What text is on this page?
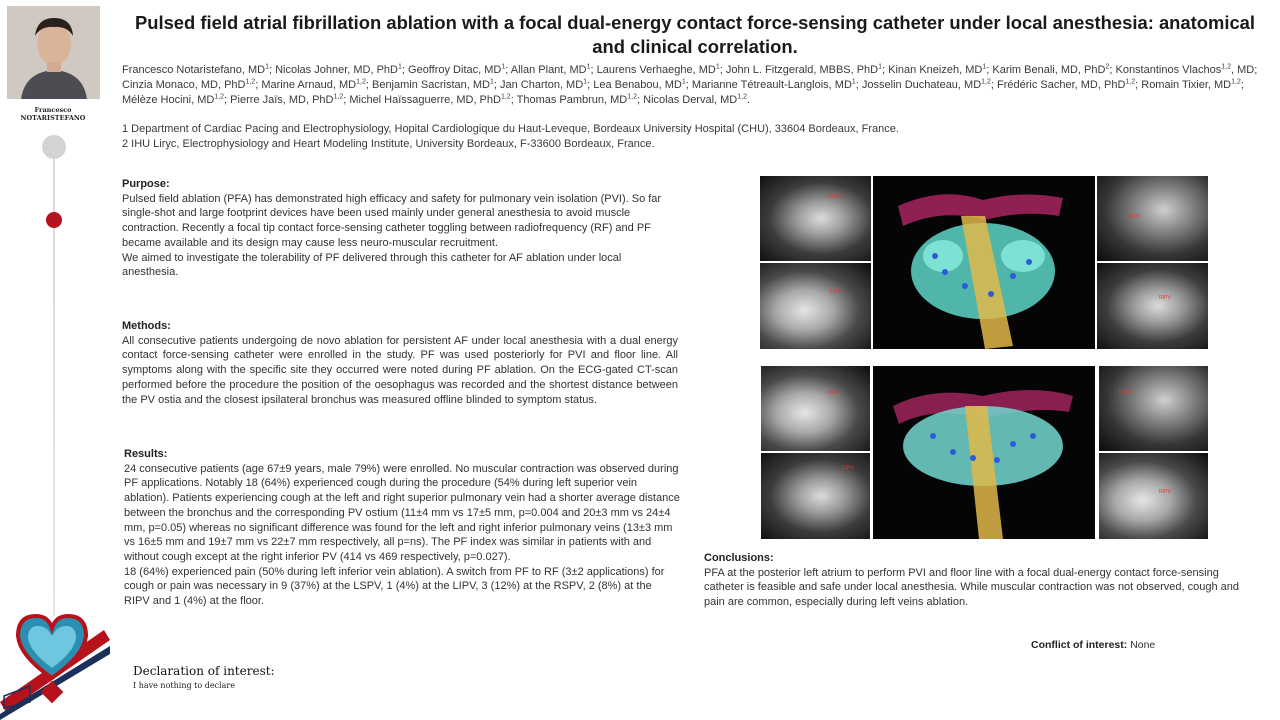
Francesco
NOTARISTEFANO
Pulsed field atrial fibrillation ablation with a focal dual-energy contact force-sensing catheter under local anesthesia: anatomical and clinical correlation.
Francesco Notaristefano, $MD^1$; Nicolas Johner, MD, PhD$^1$; Geoffroy Ditac, $MD^1$; Allan Plant, $MD^1$; Laurens Verhaeghe, $MD^1$; John L. Fitzgerald, MBBS, PhD$^1$; Kinan Kneizeh, $MD^1$; Karim Benali, MD, PhD$^2$; Konstantinos Vlachos$^{1,2}$, MD; Cinzia Monaco, MD, PhD$^{1,2}$; Marine Arnaud, MD$^{1,2}$; Benjamin Sacristan, $MD^1$; Jan Charton, $MD^1$; Lea Benabou, $MD^1$; Marianne Tétreault-Langlois, $MD^1$; Josselin Duchateau, MD$^{1,2}$; Frédéric Sacher, MD, PhD$^{1,2}$; Romain Tixier, MD$^{1,2}$; Mélèze Hocini, MD$^{1,2}$; Pierre Jaïs, MD, PhD$^{1,2}$; Michel Haïssaguerre, MD, PhD$^{1,2}$; Thomas Pambrun, MD$^{1,2}$; Nicolas Derval, MD$^{1,2}$.
1 Department of Cardiac Pacing and Electrophysiology, Hopital Cardiologique du Haut-Leveque, Bordeaux University Hospital (CHU), 33604 Bordeaux, France.
2 IHU Liryc, Electrophysiology and Heart Modeling Institute, University Bordeaux, F-33600 Bordeaux, France.
Purpose:

Pulsed field ablation (PFA) has demonstrated high efficacy and safety for pulmonary vein isolation (PVI). So far single-shot and large footprint devices have been used mainly under general anesthesia to avoid muscle contraction. Recently a focal tip contact force-sensing catheter toggling between radiofrequency (RF) and PF became available and its design may cause less neuro-muscular recruitment.

We aimed to investigate the tolerability of PF delivered through this catheter for AF ablation under local anesthesia.

Methods:

All consecutive patients undergoing de novo ablation for persistent AF under local anesthesia with a dual energy contact force-sensing catheter were enrolled in the study. PF was used posteriorly for PVI and floor line. All symptoms along with the specific site they occurred were noted during PF ablation. On the ECG-gated CT-scan performed before the procedure the position of the oesophagus was recorded and the shortest distance between the PV ostia and the closest ipsilateral bronchus was measured offline blinded to symptom status.

Results:

24 consecutive patients (age 67±9 years, male 79%) were enrolled. No muscular contraction was observed during PF applications. Notably 18 (64%) experienced cough during the procedure (54% during left superior vein ablation). Patients experiencing cough at the left and right superior pulmonary vein had a shorter average distance between the bronchus and the corresponding PV ostium (11±4 mm vs 17±5 mm, p=0.004 and 20±3 mm vs 24±4 mm, p=0.05) whereas no significant difference was found for the left and right inferior pulmonary veins (13±3 mm vs 16±5 mm and 19±7 mm vs 22±7 mm respectively, all p=ns). The PF index was similar in patients with and without cough except at the right inferior PV (414 vs 469 respectively, p=0.027).

18 (64%) experienced pain (50% during left inferior vein ablation). A switch from PF to RF (3±2 applications) for cough or pain was necessary in 9 (37%) at the LSPV, 1 (4%) at the LIPV, 3 (12%) at the RSPV, 2 (8%) at the RIPV and 1 (4%) at the floor.

Conclusions:

PFA at the posterior left atrium to perform PVI and floor line with a focal dual-energy contact force-sensing catheter is feasible and safe under local anesthesia. While muscular contraction was not observed, cough and pain are common, especially during left veins ablation.

Conflict of interest: None
Declaration of interest:
I have nothing to declare
LSPV
LIPV
RSPV
RIPV
LSPV
LIPV
RSPV
RIPV
